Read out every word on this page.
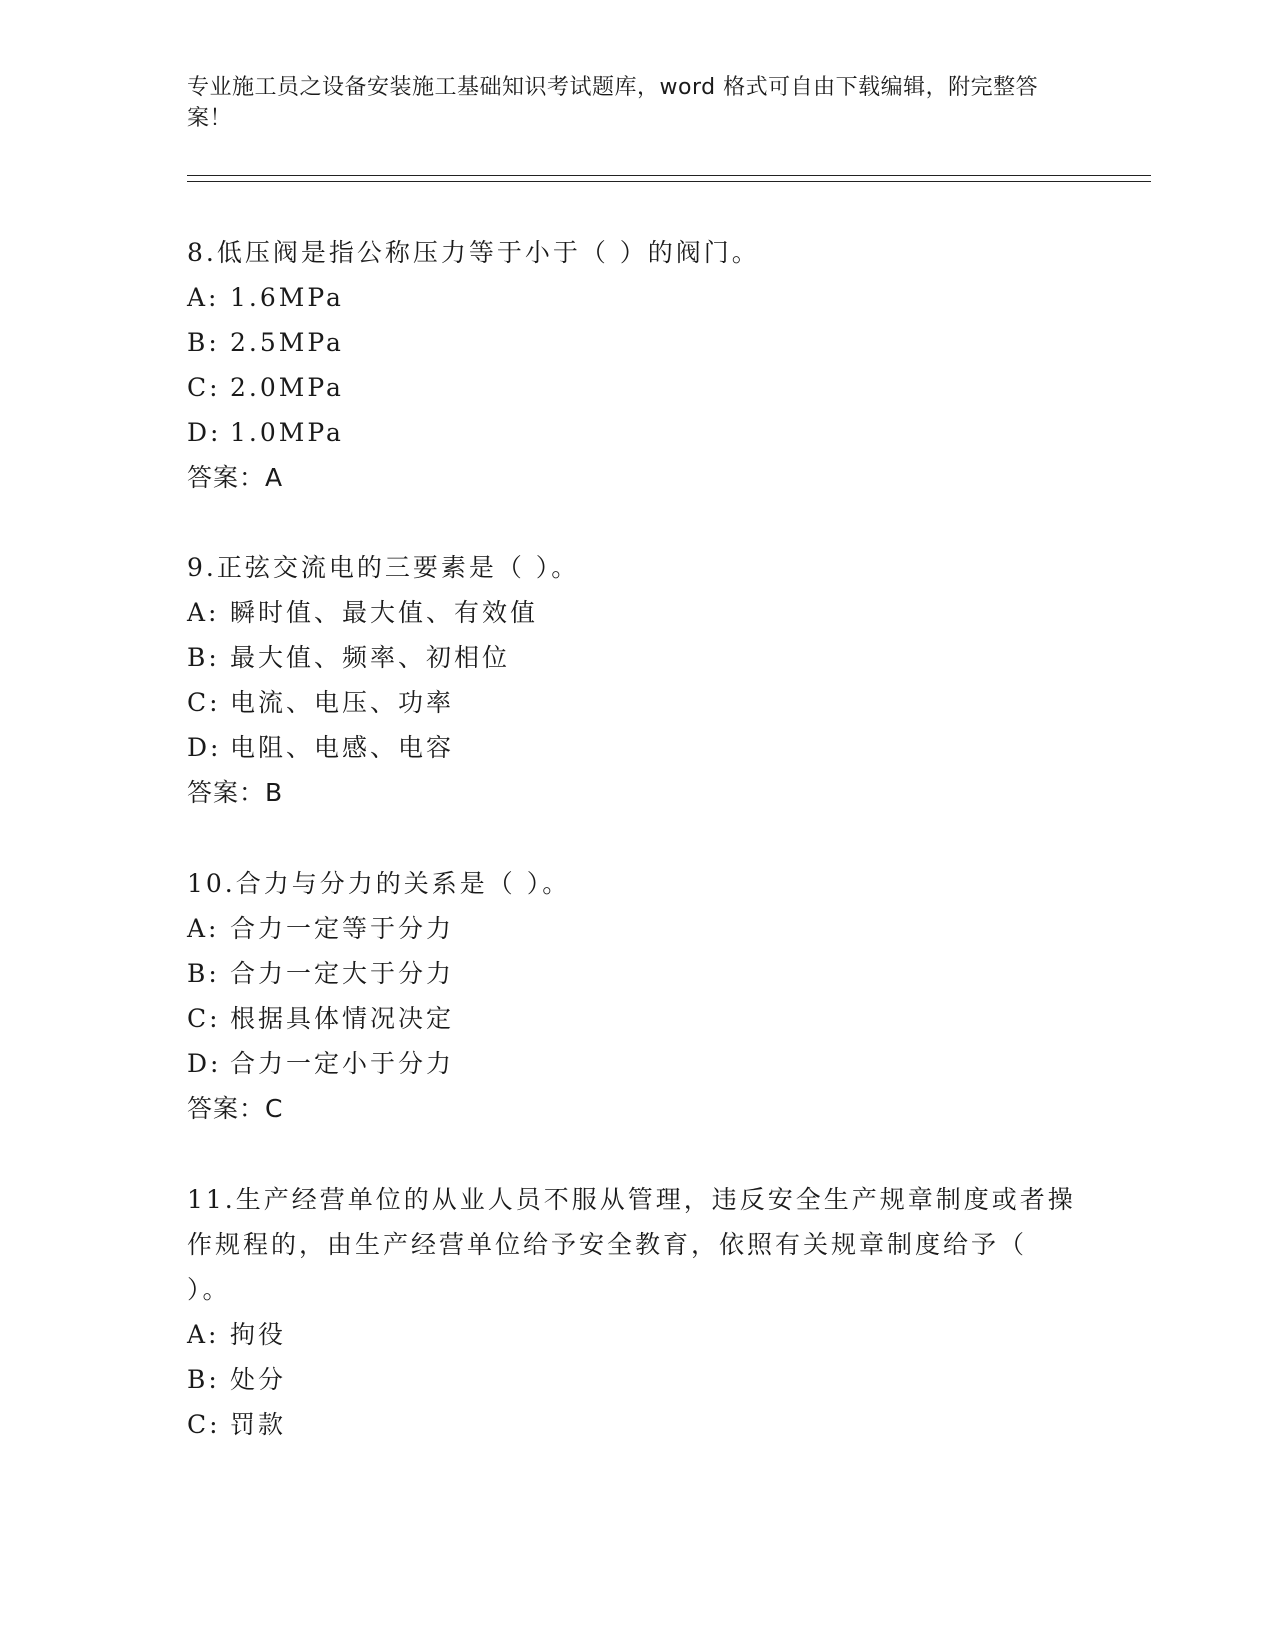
专业施工员之设备安装施工基础知识考试题库，word 格式可自由下载编辑，附完整答案！
8.低压阀是指公称压力等于小于（ ）的阀门。
A: 1.6MPa
B: 2.5MPa
C: 2.0MPa
D: 1.0MPa
答案：A
9.正弦交流电的三要素是（ ）。
A: 瞬时值、最大值、有效值
B: 最大值、频率、初相位
C: 电流、电压、功率
D: 电阻、电感、电容
答案：B
10.合力与分力的关系是（ ）。
A: 合力一定等于分力
B: 合力一定大于分力
C: 根据具体情况决定
D: 合力一定小于分力
答案：C
11.生产经营单位的从业人员不服从管理，违反安全生产规章制度或者操作规程的，由生产经营单位给予安全教育，依照有关规章制度给予（ ）。
A: 拘役
B: 处分
C: 罚款
